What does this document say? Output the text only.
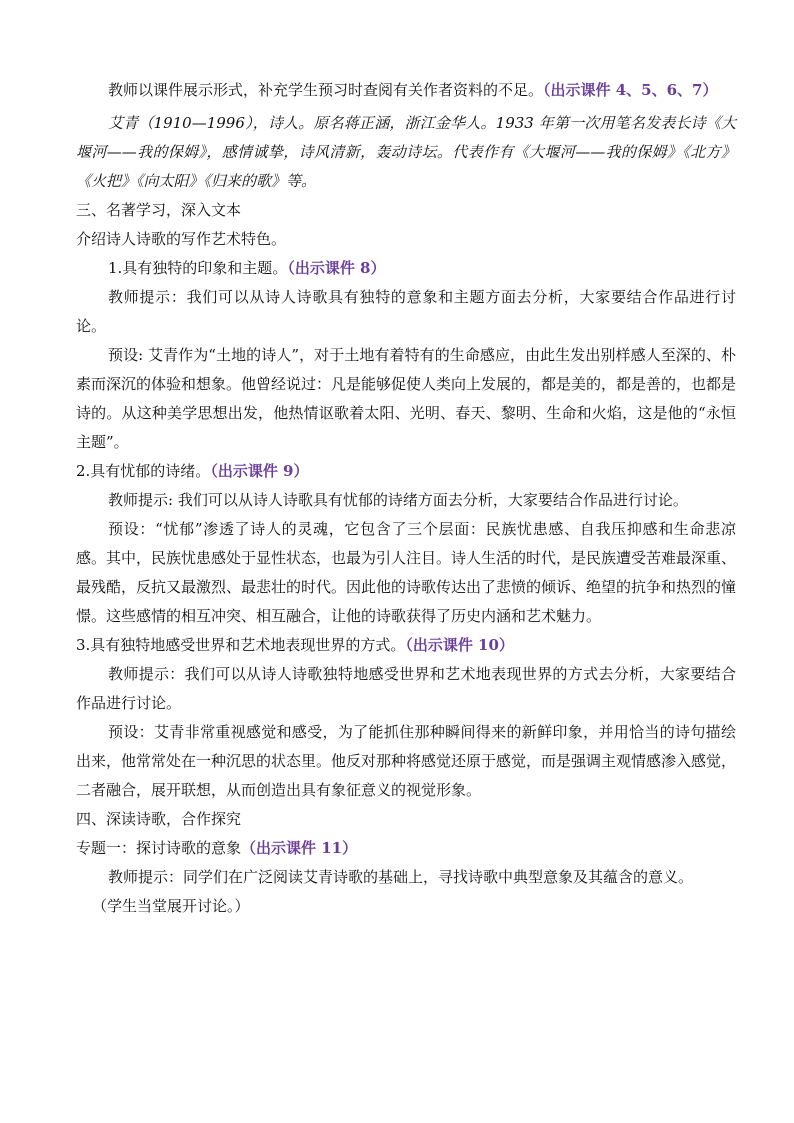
教师以课件展示形式，补充学生预习时查阅有关作者资料的不足。（出示课件 4、5、6、7）

艾青（1910—1996），诗人。原名蒋正涵，浙江金华人。1933 年第一次用笔名发表长诗《大堰河——我的保姆》，感情诚挚，诗风清新，轰动诗坛。代表作有《大堰河——我的保姆》《北方》《火把》《向太阳》《归来的歌》等。

三、名著学习，深入文本

介绍诗人诗歌的写作艺术特色。

1.具有独特的印象和主题。（出示课件 8）

教师提示：我们可以从诗人诗歌具有独特的意象和主题方面去分析，大家要结合作品进行讨论。

预设: 艾青作为“土地的诗人”，对于土地有着特有的生命感应，由此生发出别样感人至深的、朴素而深沉的体验和想象。他曾经说过：凡是能够促使人类向上发展的，都是美的，都是善的，也都是诗的。从这种美学思想出发，他热情讴歌着太阳、光明、春天、黎明、生命和火焰，这是他的“永恒主题”。

2.具有忧郁的诗绪。（出示课件 9）

教师提示: 我们可以从诗人诗歌具有忧郁的诗绪方面去分析，大家要结合作品进行讨论。

预设：“忧郁”渗透了诗人的灵魂，它包含了三个层面：民族忧患感、自我压抑感和生命悲凉感。其中，民族忧患感处于显性状态，也最为引人注目。诗人生活的时代，是民族遭受苦难最深重、最残酷，反抗又最激烈、最悲壮的时代。因此他的诗歌传达出了悲愤的倾诉、绝望的抗争和热烈的憧憬。这些感情的相互冲突、相互融合，让他的诗歌获得了历史内涵和艺术魅力。

3.具有独特地感受世界和艺术地表现世界的方式。（出示课件 10）

教师提示：我们可以从诗人诗歌独特地感受世界和艺术地表现世界的方式去分析，大家要结合作品进行讨论。

预设：艾青非常重视感觉和感受，为了能抓住那种瞬间得来的新鲜印象，并用恰当的诗句描绘出来，他常常处在一种沉思的状态里。他反对那种将感觉还原于感觉，而是强调主观情感渗入感觉，二者融合，展开联想，从而创造出具有象征意义的视觉形象。

四、深读诗歌，合作探究

专题一：探讨诗歌的意象（出示课件 11）

教师提示：同学们在广泛阅读艾青诗歌的基础上，寻找诗歌中典型意象及其蕴含的意义。

（学生当堂展开讨论。）
